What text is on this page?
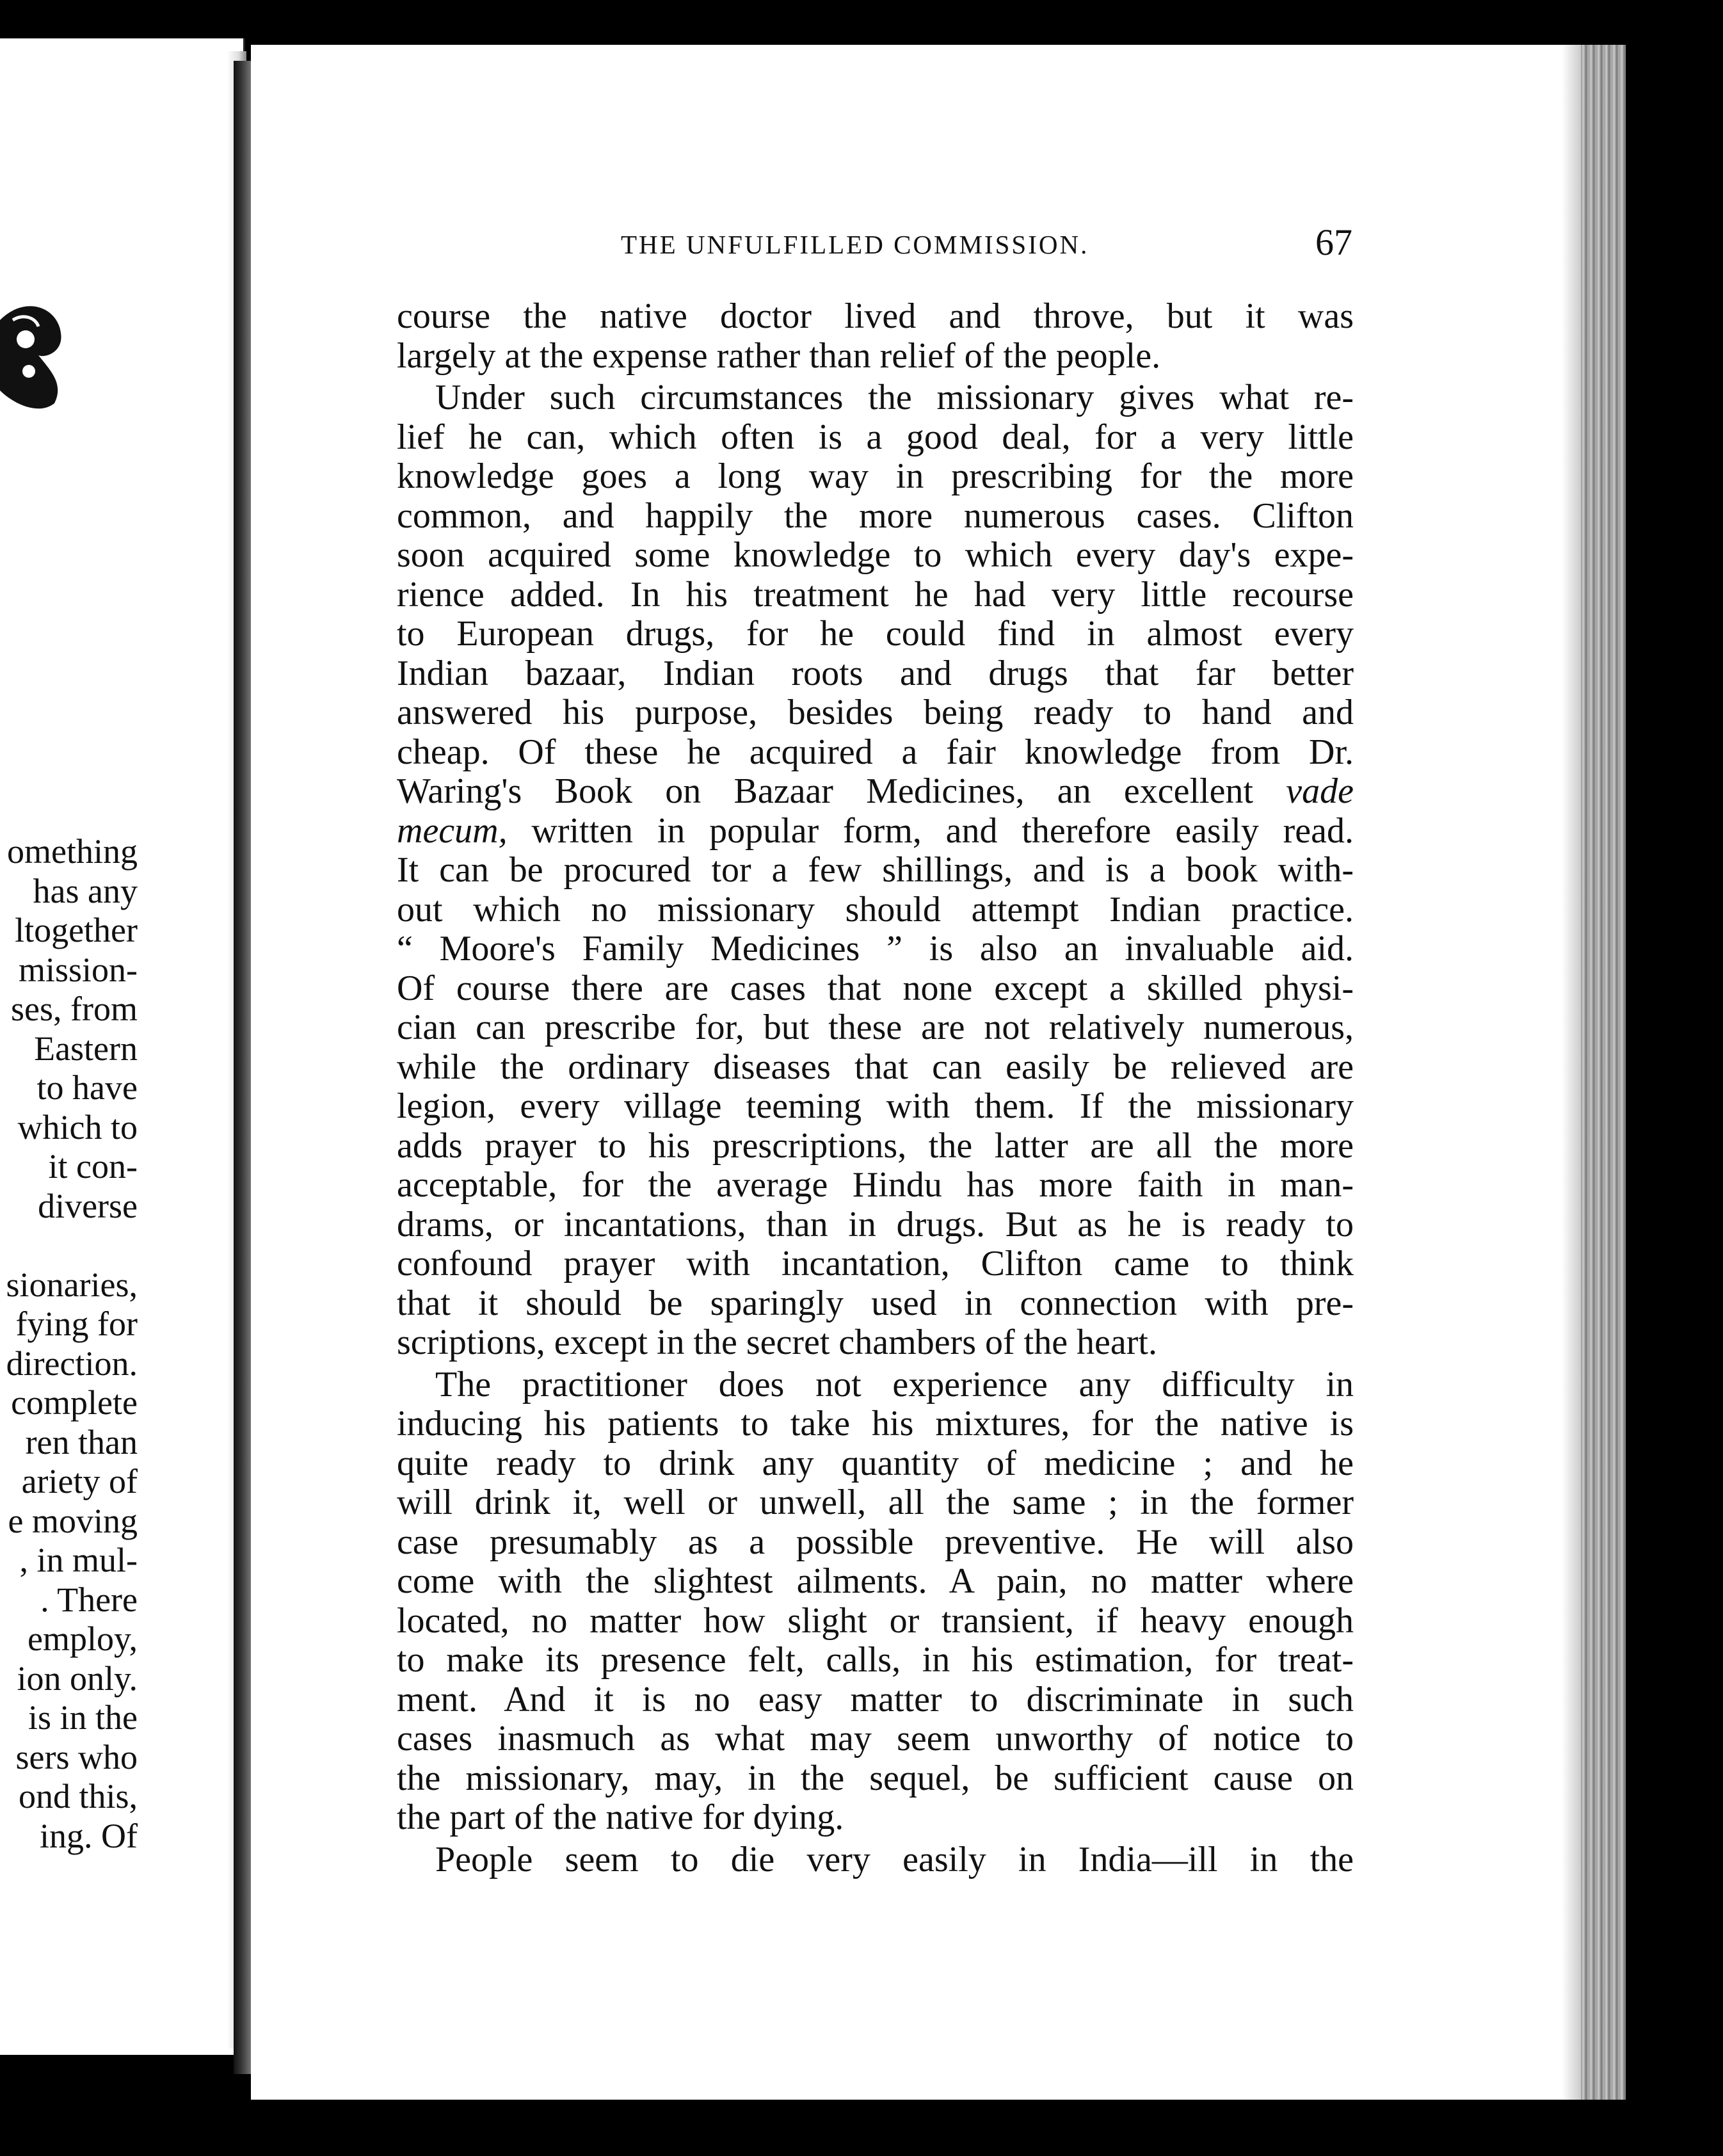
omething
has any
ltogether
mission-
ses, from
Eastern
to have
which to
it con-
diverse
sionaries,
fying for
direction.
complete
ren than
ariety of
e moving
, in mul-
. There
employ,
ion only.
is in the
sers who
ond this,
ing. Of
THE UNFULFILLED COMMISSION.	67
course the native doctor lived and throve, but it was
largely at the expense rather than relief of the people.
Under such circumstances the missionary gives what re-
lief he can, which often is a good deal, for a very little
knowledge goes a long way in prescribing for the more
common, and happily the more numerous cases. Clifton
soon acquired some knowledge to which every day's expe-
rience added. In his treatment he had very little recourse
to European drugs, for he could find in almost every
Indian bazaar, Indian roots and drugs that far better
answered his purpose, besides being ready to hand and
cheap. Of these he acquired a fair knowledge from Dr.
Waring's Book on Bazaar Medicines, an excellent vade
mecum, written in popular form, and therefore easily read.
It can be procured tor a few shillings, and is a book with-
out which no missionary should attempt Indian practice.
“ Moore's Family Medicines ” is also an invaluable aid.
Of course there are cases that none except a skilled physi-
cian can prescribe for, but these are not relatively numerous,
while the ordinary diseases that can easily be relieved are
legion, every village teeming with them. If the missionary
adds prayer to his prescriptions, the latter are all the more
acceptable, for the average Hindu has more faith in man-
drams, or incantations, than in drugs. But as he is ready to
confound prayer with incantation, Clifton came to think
that it should be sparingly used in connection with pre-
scriptions, except in the secret chambers of the heart.
The practitioner does not experience any difficulty in
inducing his patients to take his mixtures, for the native is
quite ready to drink any quantity of medicine ; and he
will drink it, well or unwell, all the same ; in the former
case presumably as a possible preventive. He will also
come with the slightest ailments. A pain, no matter where
located, no matter how slight or transient, if heavy enough
to make its presence felt, calls, in his estimation, for treat-
ment. And it is no easy matter to discriminate in such
cases inasmuch as what may seem unworthy of notice to
the missionary, may, in the sequel, be sufficient cause on
the part of the native for dying.
People seem to die very easily in India—ill in the
